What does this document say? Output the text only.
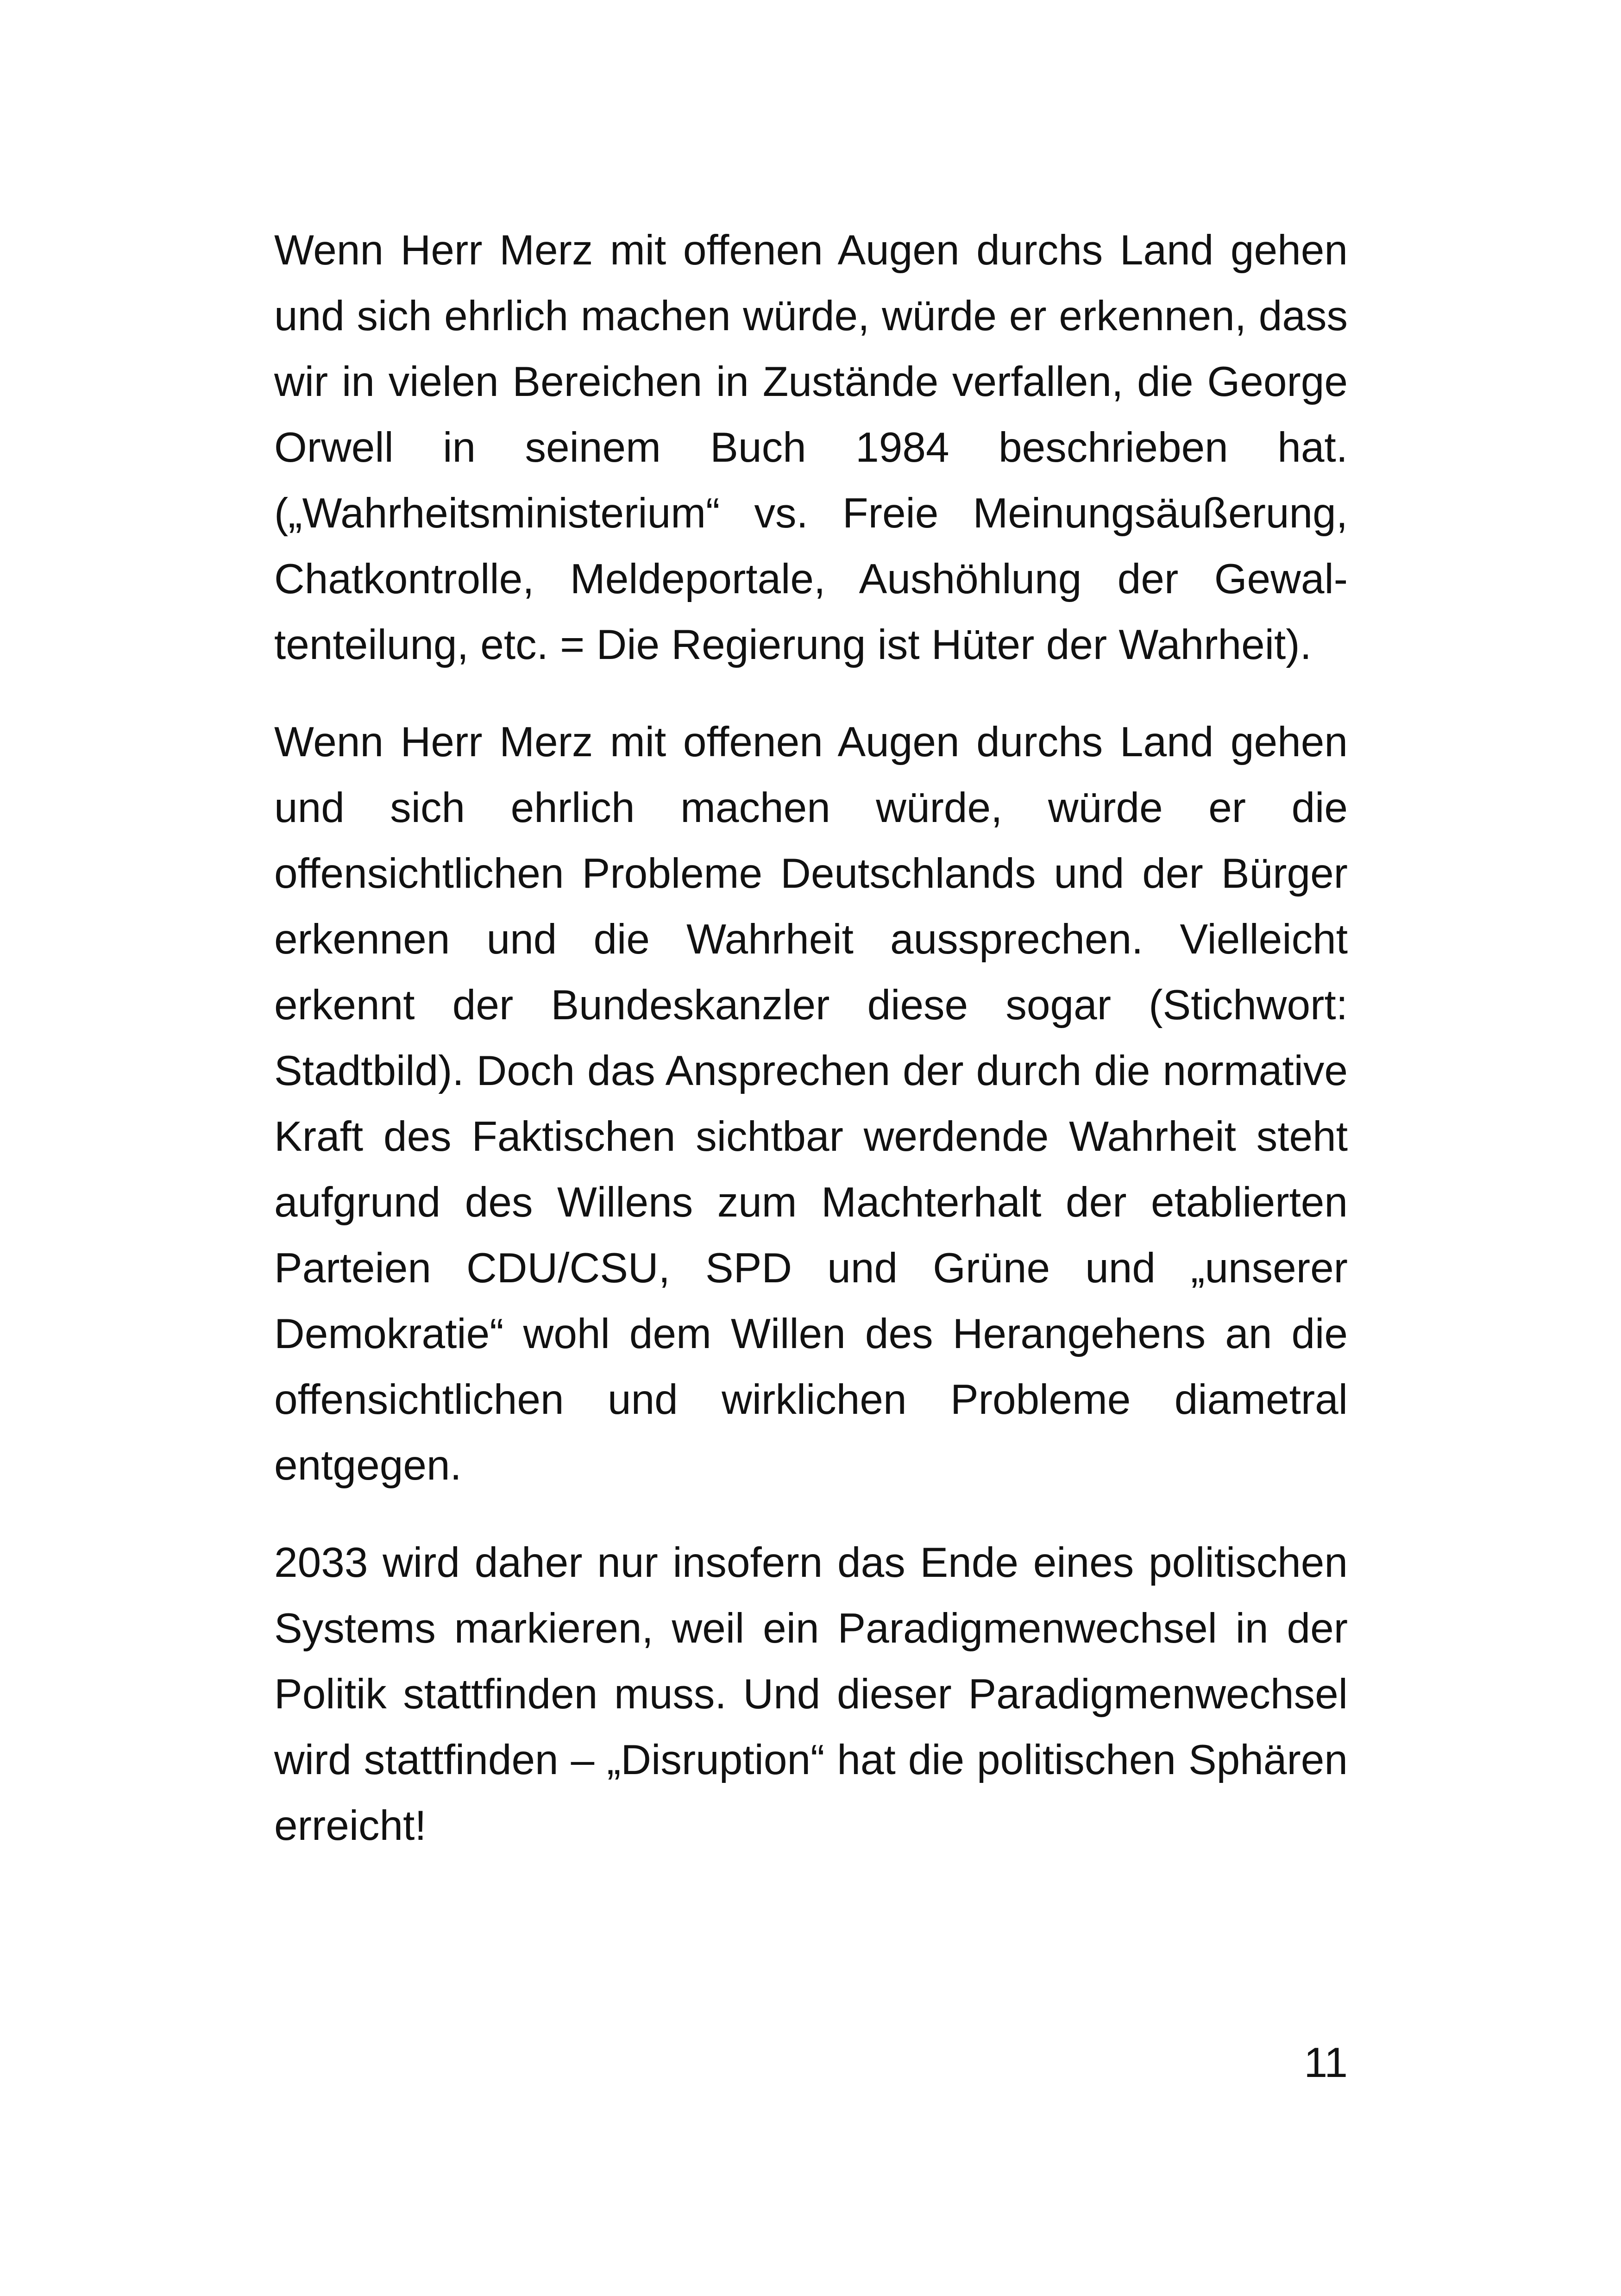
Wenn Herr Merz mit offenen Augen durchs Land gehen und sich ehrlich machen würde, würde er erkennen, dass wir in vielen Bereichen in Zustände verfallen, die George Orwell in seinem Buch 1984 beschrieben hat. („Wahrheitsministerium“ vs. Freie Meinungsäußerung, Chatkontrolle, Meldeportale, Aushöhlung der Gewaltenteilung, etc. = Die Regierung ist Hüter der Wahrheit).

Wenn Herr Merz mit offenen Augen durchs Land gehen und sich ehrlich machen würde, würde er die offensichtlichen Probleme Deutschlands und der Bürger erkennen und die Wahrheit aussprechen. Vielleicht erkennt der Bundeskanzler diese sogar (Stichwort: Stadtbild). Doch das Ansprechen der durch die normative Kraft des Faktischen sichtbar werdende Wahrheit steht aufgrund des Willens zum Machterhalt der etablierten Parteien CDU/CSU, SPD und Grüne und „unserer Demokratie“ wohl dem Willen des Herangehens an die offensichtlichen und wirklichen Probleme diametral entgegen.

2033 wird daher nur insofern das Ende eines politischen Systems markieren, weil ein Paradigmenwechsel in der Politik stattfinden muss. Und dieser Paradigmenwechsel wird stattfinden – „Disruption“ hat die politischen Sphären erreicht!

11
